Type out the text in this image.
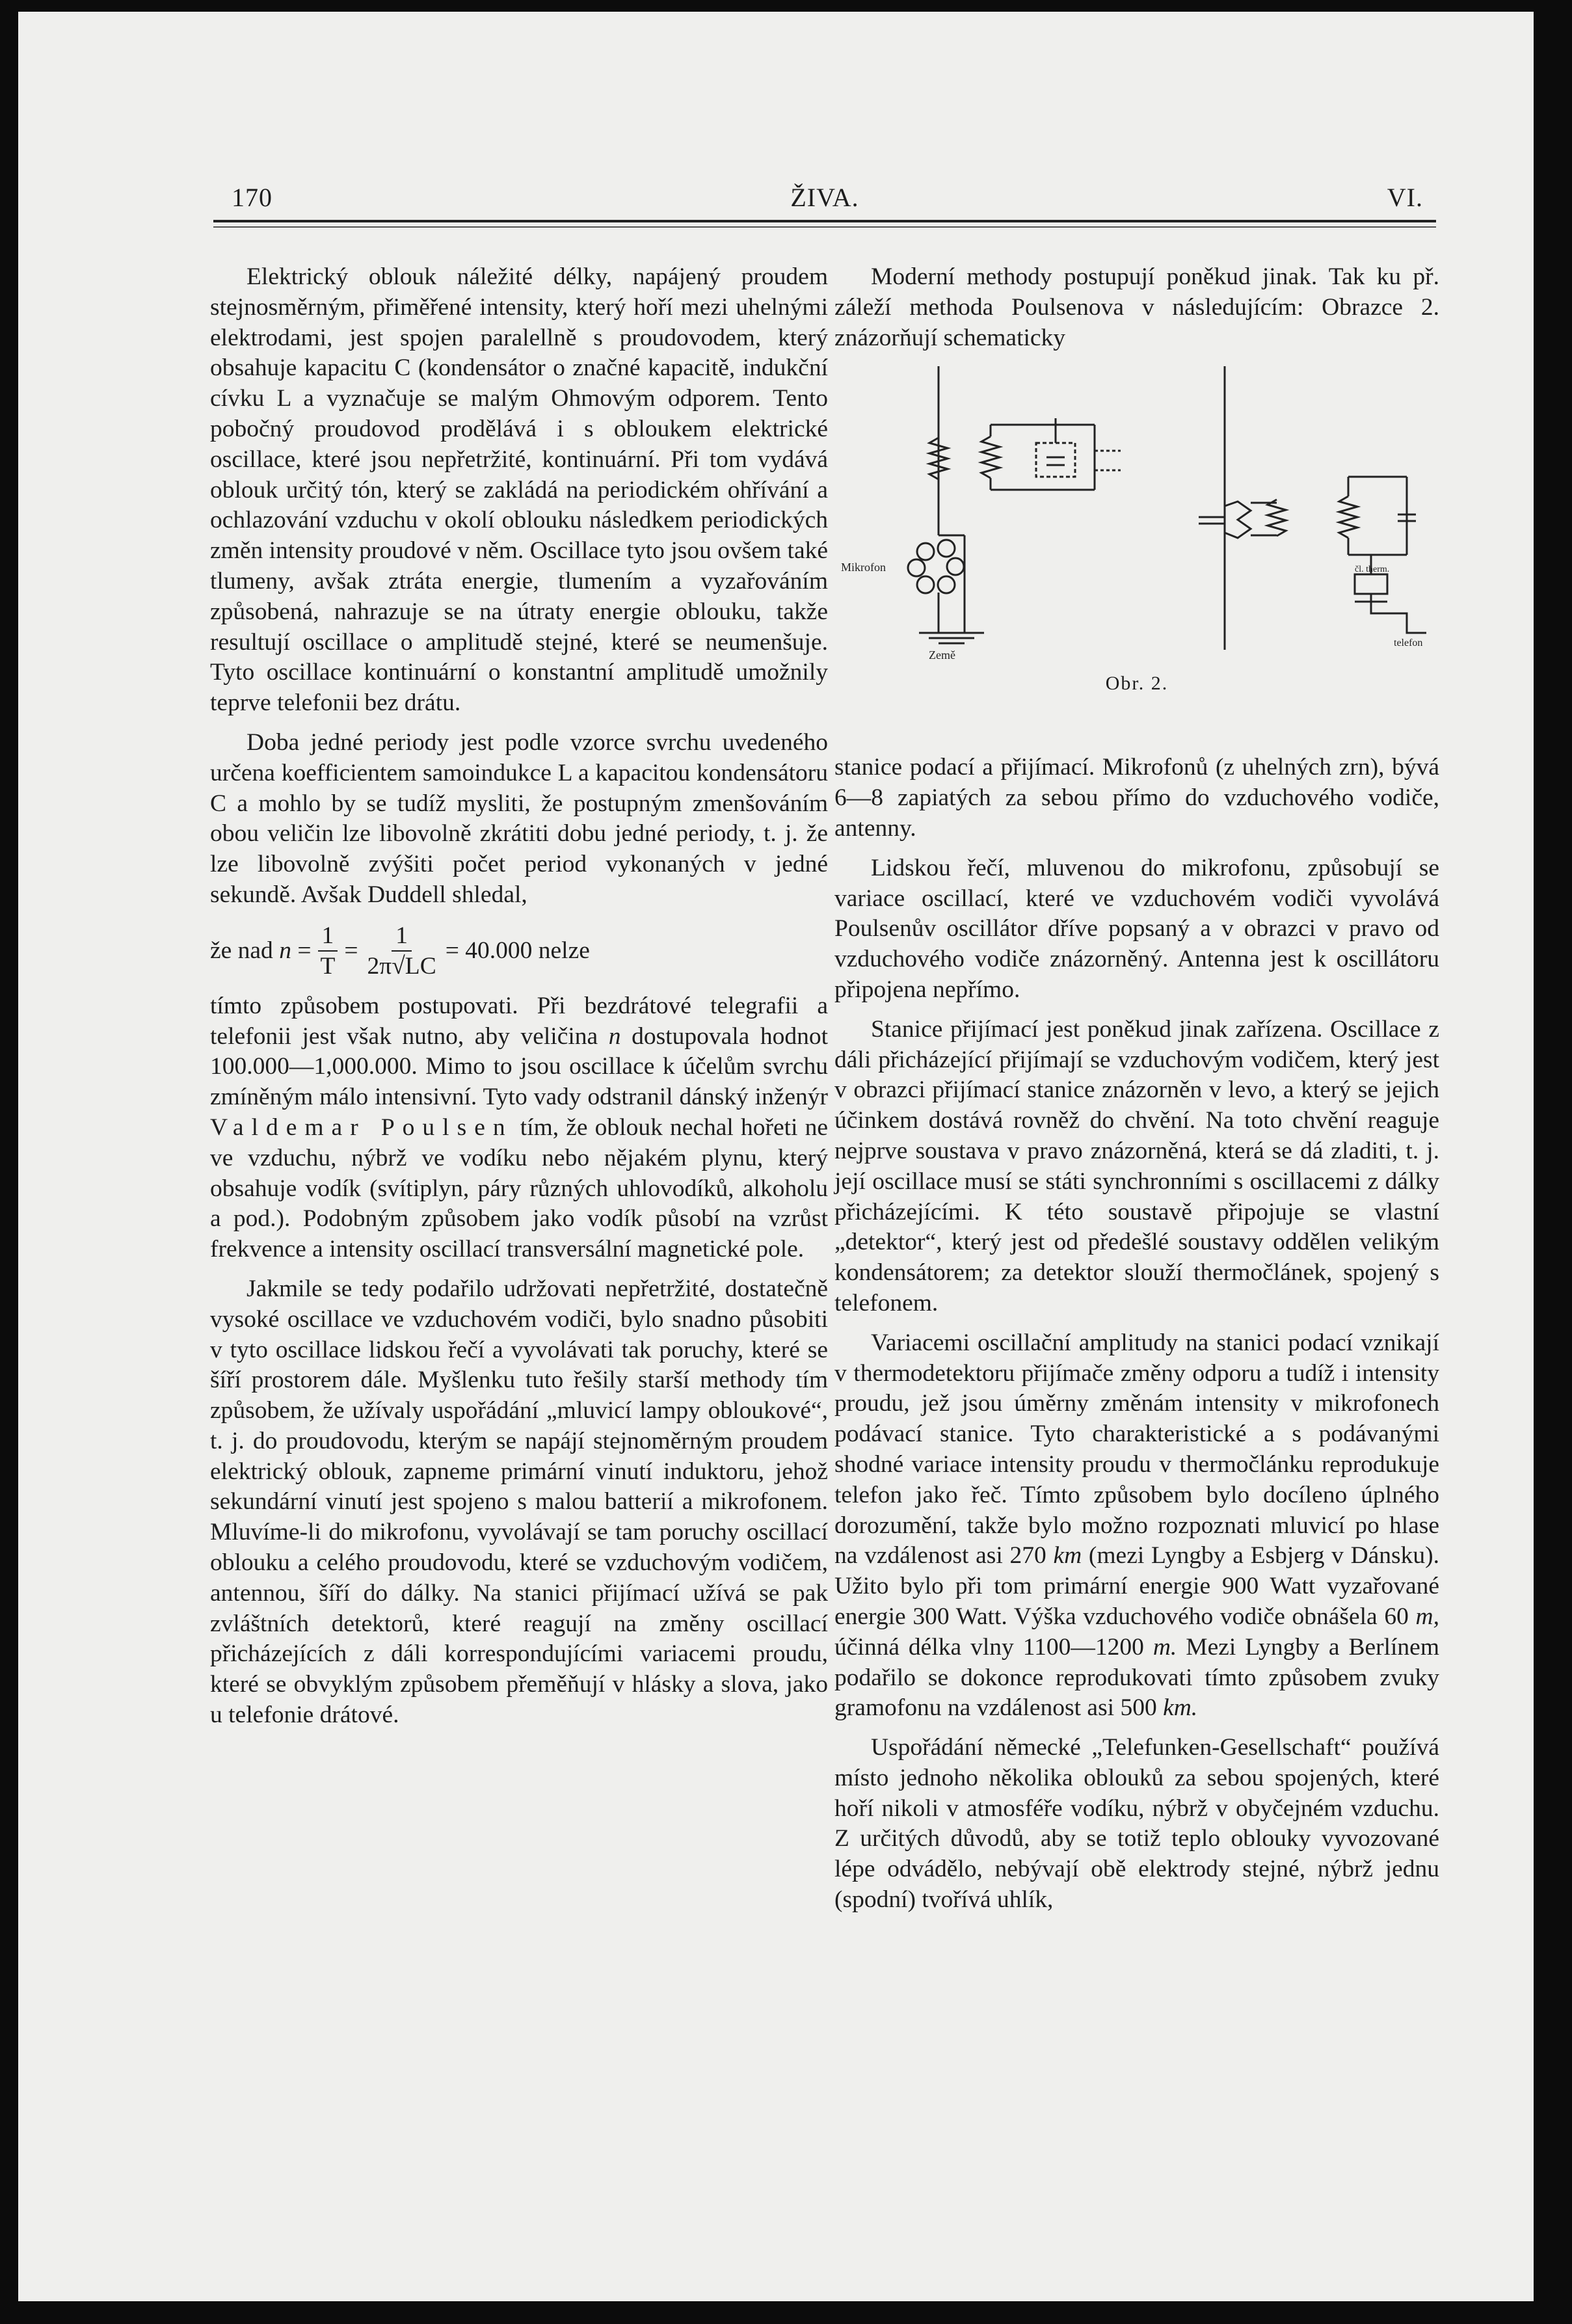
170	ŽIVA.	VI.

Elektrický oblouk náležité délky, napájený proudem stejnosměrným, přiměřené intensity, který hoří mezi uhelnými elektrodami, jest spojen paralellně s proudovodem, který obsahuje kapacitu C (kondensátor o značné kapacitě, indukční cívku L a vyznačuje se malým Ohmovým odporem. Tento pobočný proudovod prodělává i s obloukem elektrické oscillace, které jsou nepřetržité, kontinuární. Při tom vydává oblouk určitý tón, který se zakládá na periodickém ohřívání a ochlazování vzduchu v okolí oblouku následkem periodických změn intensity proudové v něm. Oscillace tyto jsou ovšem také tlumeny, avšak ztráta energie, tlumením a vyzařováním způsobená, nahrazuje se na útraty energie oblouku, takže resultují oscillace o amplitudě stejné, které se neumenšuje. Tyto oscillace kontinuární o konstantní amplitudě umožnily teprve telefonii bez drátu.

Doba jedné periody jest podle vzorce svrchu uvedeného určena koefficientem samoindukce L a kapacitou kondensátoru C a mohlo by se tudíž mysliti, že postupným zmenšováním obou veličin lze libovolně zkrátiti dobu jedné periody, t. j. že lze libovolně zvýšiti počet period vykonaných v jedné sekundě. Avšak Duddell shledal,

že nad
n
= $\frac{1}{T} = \frac{1}{2\pi√LC} = 40.000$
nelze

tímto způsobem postupovati. Při bezdrátové telegrafii a telefonii jest však nutno, aby veličina n dostupovala hodnot 100.000—1,000.000. Mimo to jsou oscillace k účelům svrchu zmíněným málo intensivní. Tyto vady odstranil dánský inženýr Valdemar Poulsen tím, že oblouk nechal hořeti ne ve vzduchu, nýbrž ve vodíku nebo nějakém plynu, který obsahuje vodík (svítiplyn, páry různých uhlovodíků, alkoholu a pod.). Podobným způsobem jako vodík působí na vzrůst frekvence a intensity oscillací transversální magnetické pole.

Jakmile se tedy podařilo udržovati nepřetržité, dostatečně vysoké oscillace ve vzduchovém vodiči, bylo snadno působiti v tyto oscillace lidskou řečí a vyvolávati tak poruchy, které se šíří prostorem dále. Myšlenku tuto řešily starší methody tím způsobem, že užívaly uspořádání „mluvicí lampy obloukové“, t. j. do proudovodu, kterým se napájí stejnoměrným proudem elektrický oblouk, zapneme primární vinutí induktoru, jehož sekundární vinutí jest spojeno s malou batterií a mikrofonem. Mluvíme-li do mikrofonu, vyvolávají se tam poruchy oscillací oblouku a celého proudovodu, které se vzduchovým vodičem, antennou, šíří do dálky. Na stanici přijímací užívá se pak zvláštních detektorů, které reagují na změny oscillací přicházejících z dáli korrespondujícími variacemi proudu, které se obvyklým způsobem přeměňují v hlásky a slova, jako u telefonie drátové.

Moderní methody postupují poněkud jinak. Tak ku př. záleží methoda Poulsenova v následujícím: Obrazce 2. znázorňují schematicky

Mikrofon
Země
telefon
čl. therm.
Obr. 2.

stanice podací a přijímací. Mikrofonů (z uhelných zrn), bývá 6—8 zapiatých za sebou přímo do vzduchového vodiče, antenny.

Lidskou řečí, mluvenou do mikrofonu, způsobují se variace oscillací, které ve vzduchovém vodiči vyvolává Poulsenův oscillátor dříve popsaný a v obrazci v pravo od vzduchového vodiče znázorněný. Antenna jest k oscillátoru připojena nepřímo.

Stanice přijímací jest poněkud jinak zařízena. Oscillace z dáli přicházející přijímají se vzduchovým vodičem, který jest v obrazci přijímací stanice znázorněn v levo, a který se jejich účinkem dostává rovněž do chvění. Na toto chvění reaguje nejprve soustava v pravo znázorněná, která se dá zladiti, t. j. její oscillace musí se státi synchronními s oscillacemi z dálky přicházejícími. K této soustavě připojuje se vlastní „detektor“, který jest od předešlé soustavy oddělen velikým kondensátorem; za detektor slouží thermočlánek, spojený s telefonem.

Variacemi oscillační amplitudy na stanici podací vznikají v thermodetektoru přijímače změny odporu a tudíž i intensity proudu, jež jsou úměrny změnám intensity v mikrofonech podávací stanice. Tyto charakteristické a s podávanými shodné variace intensity proudu v thermočlánku reprodukuje telefon jako řeč. Tímto způsobem bylo docíleno úplného dorozumění, takže bylo možno rozpoznati mluvicí po hlase na vzdálenost asi 270 km (mezi Lyngby a Esbjerg v Dánsku). Užito bylo při tom primární energie 900 Watt vyzařované energie 300 Watt. Výška vzduchového vodiče obnášela 60 m, účinná délka vlny 1100—1200 m. Mezi Lyngby a Berlínem podařilo se dokonce reprodukovati tímto způsobem zvuky gramofonu na vzdálenost asi 500 km.

Uspořádání německé „Telefunken-Gesellschaft“ používá místo jednoho několika oblouků za sebou spojených, které hoří nikoli v atmosféře vodíku, nýbrž v obyčejném vzduchu. Z určitých důvodů, aby se totiž teplo oblouky vyvozované lépe odvádělo, nebývají obě elektrody stejné, nýbrž jednu (spodní) tvořívá uhlík,
